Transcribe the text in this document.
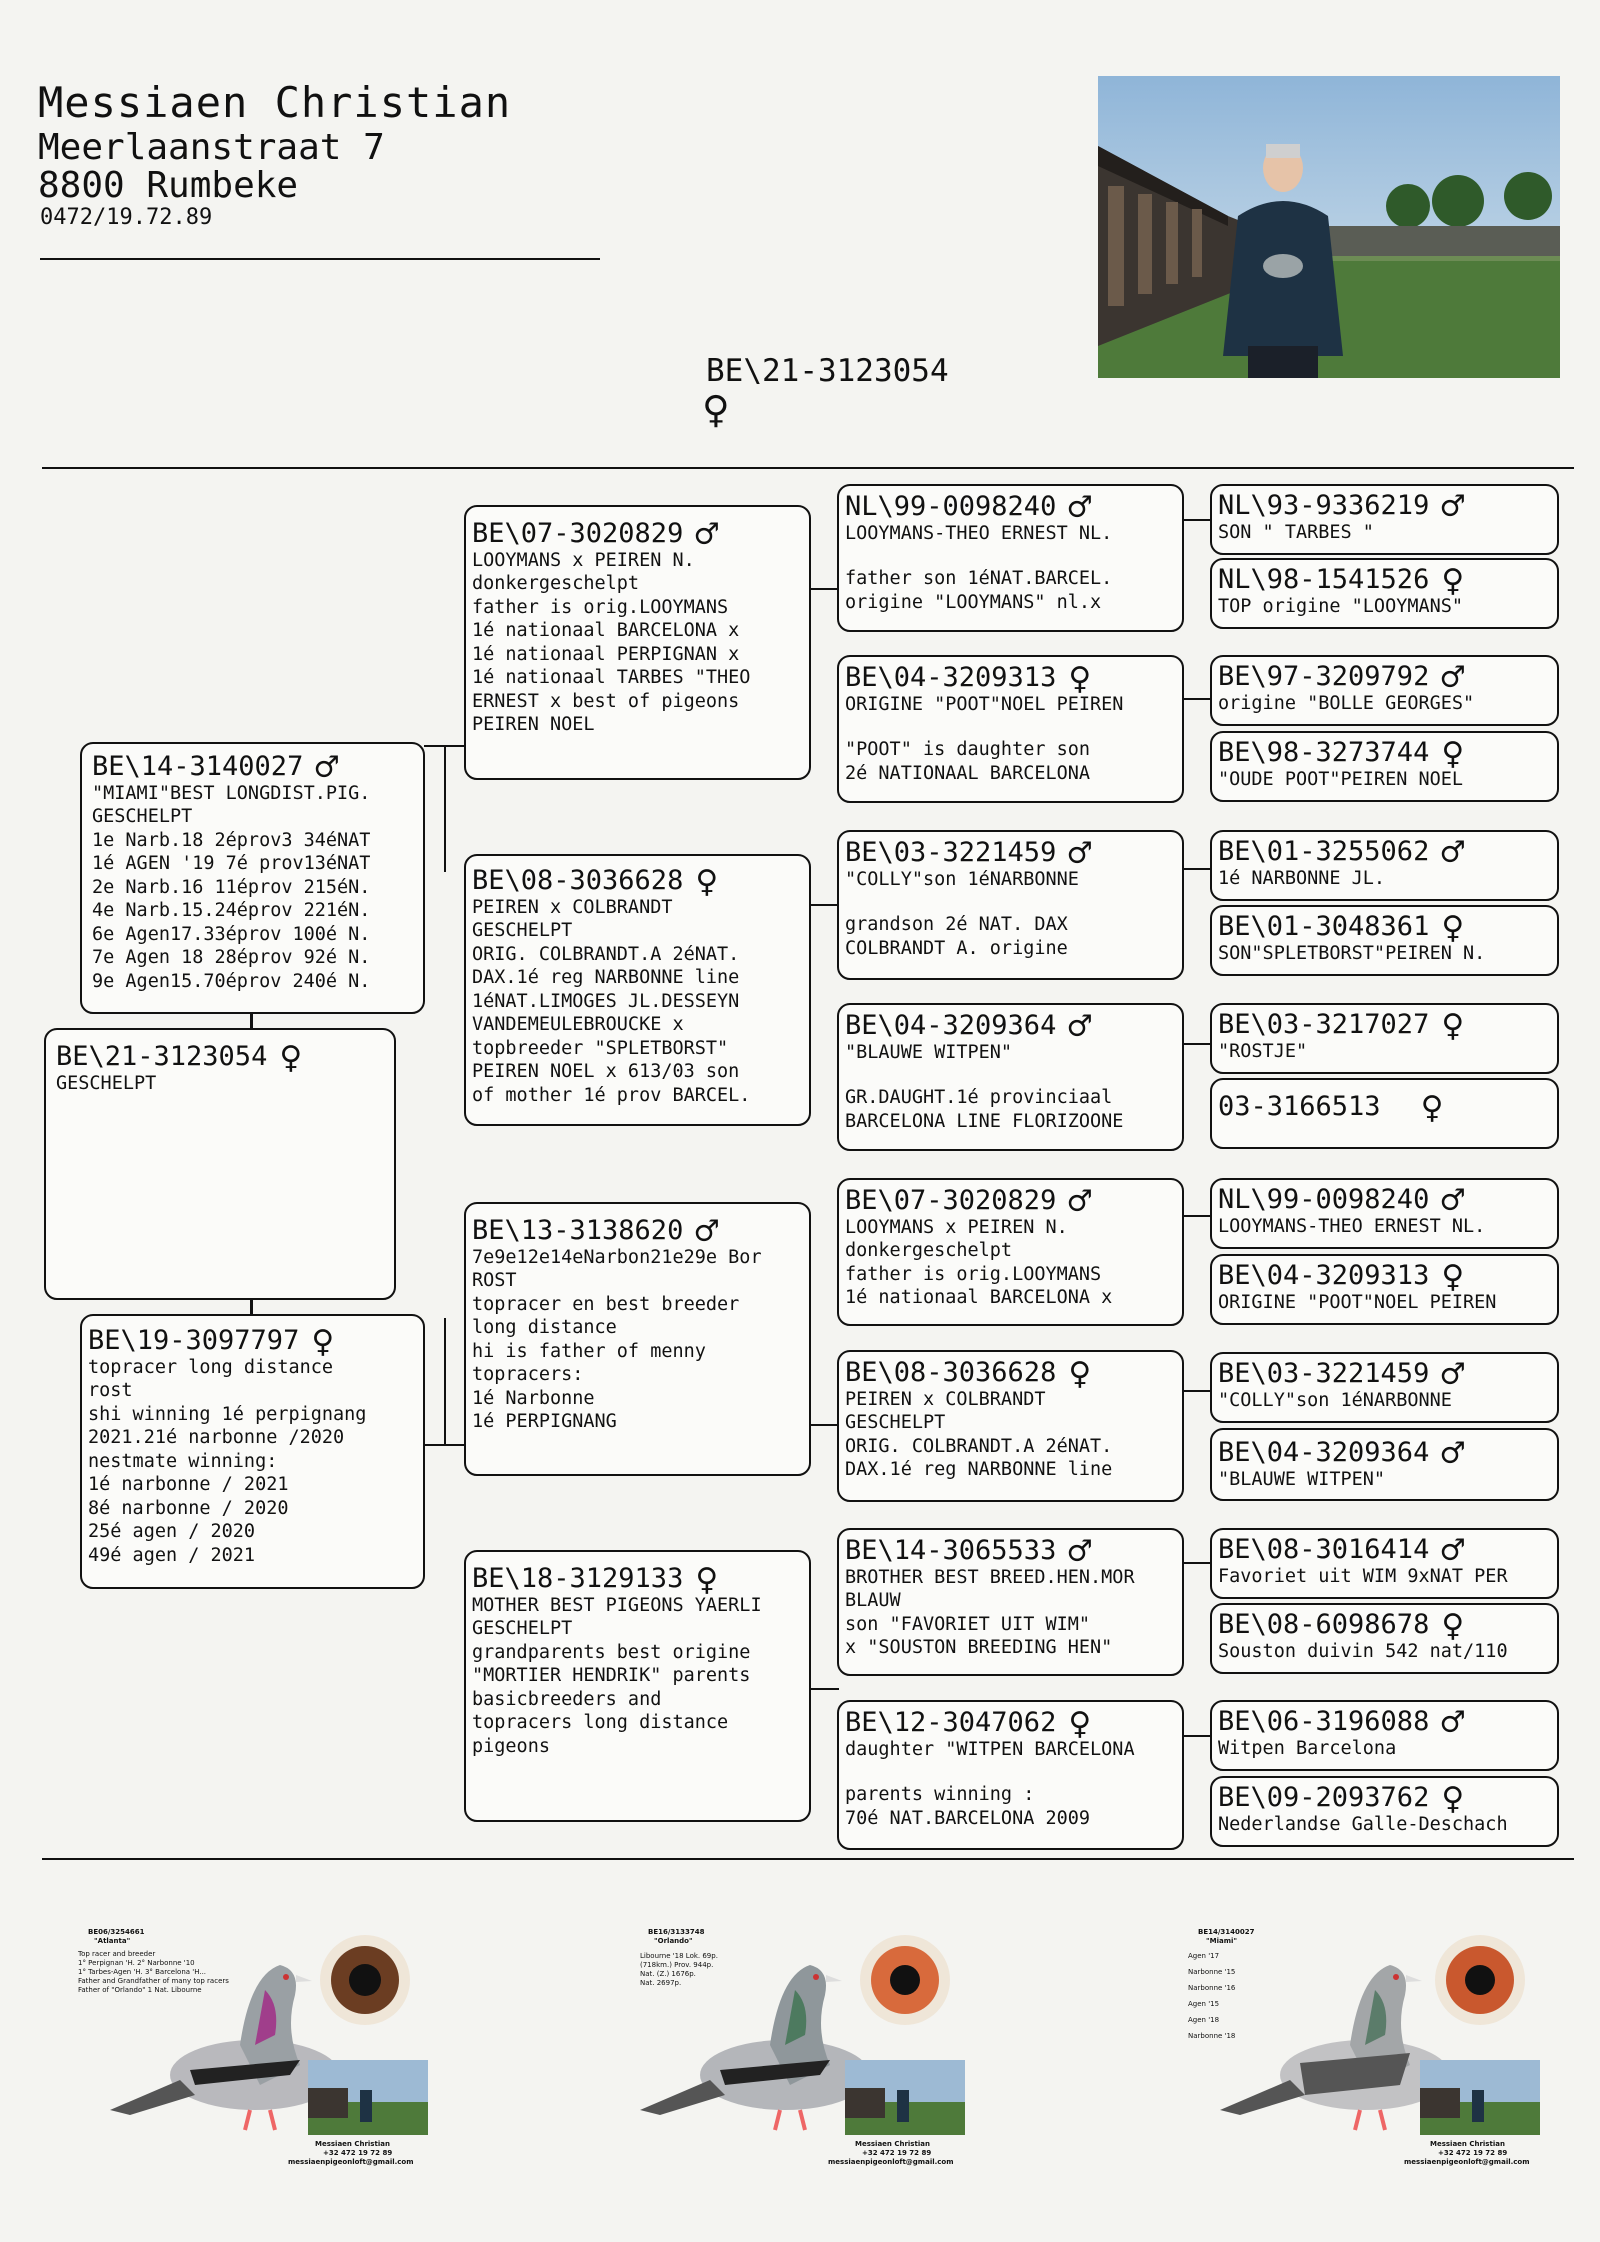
Messiaen Christian
Meerlaanstraat 7
8800 Rumbeke
0472/19.72.89
BE\21-3123054
♀
BE\14-3140027 ♂
"MIAMI"BEST LONGDIST.PIG.
GESCHELPT
1e Narb.18 2éprov3 34éNAT
1é AGEN '19 7é prov13éNAT
2e Narb.16 11éprov 215éN.
4e Narb.15.24éprov 221éN.
6e Agen17.33éprov 100é N.
7e Agen 18 28éprov 92é N.
9e Agen15.70éprov 240é N.
BE\21-3123054 ♀
GESCHELPT
BE\19-3097797 ♀
topracer long distance
rost
shi winning 1é perpignang
2021.21é narbonne /2020
nestmate winning:
1é narbonne / 2021
8é narbonne / 2020
25é agen / 2020
49é agen / 2021
BE\07-3020829 ♂
LOOYMANS x PEIREN N.
donkergeschelpt
father is orig.LOOYMANS
1é nationaal BARCELONA x
1é nationaal PERPIGNAN x
1é nationaal TARBES "THEO
ERNEST x best of pigeons
PEIREN NOEL
BE\08-3036628 ♀
PEIREN x COLBRANDT
GESCHELPT
ORIG. COLBRANDT.A 2éNAT.
DAX.1é reg NARBONNE line
1éNAT.LIMOGES JL.DESSEYN
VANDEMEULEBROUCKE x
topbreeder "SPLETBORST"
PEIREN NOEL x 613/03 son
of mother 1é prov BARCEL.
BE\13-3138620 ♂
7e9e12e14eNarbon21e29e Bor
ROST
topracer en best breeder
long distance
hi is father of menny
topracers:
1é Narbonne
1é PERPIGNANG
BE\18-3129133 ♀
MOTHER BEST PIGEONS YAERLI
GESCHELPT
grandparents best origine
"MORTIER HENDRIK" parents
basicbreeders and
topracers long distance
pigeons
NL\99-0098240 ♂
LOOYMANS-THEO ERNEST NL.
father son 1éNAT.BARCEL.
origine "LOOYMANS" nl.x
BE\04-3209313 ♀
ORIGINE "POOT"NOEL PEIREN
"POOT" is daughter son
2é NATIONAAL BARCELONA
BE\03-3221459 ♂
"COLLY"son 1éNARBONNE
grandson 2é NAT. DAX
COLBRANDT A. origine
BE\04-3209364 ♂
"BLAUWE WITPEN"
GR.DAUGHT.1é provinciaal
BARCELONA LINE FLORIZOONE
BE\07-3020829 ♂
LOOYMANS x PEIREN N.
donkergeschelpt
father is orig.LOOYMANS
1é nationaal BARCELONA x
BE\08-3036628 ♀
PEIREN x COLBRANDT
GESCHELPT
ORIG. COLBRANDT.A 2éNAT.
DAX.1é reg NARBONNE line
BE\14-3065533 ♂
BROTHER BEST BREED.HEN.MOR
BLAUW
son "FAVORIET UIT WIM"
x "SOUSTON BREEDING HEN"
BE\12-3047062 ♀
daughter "WITPEN BARCELONA
parents winning :
70é NAT.BARCELONA 2009
NL\93-9336219 ♂
SON " TARBES "
NL\98-1541526 ♀
TOP origine "LOOYMANS"
BE\97-3209792 ♂
origine "BOLLE GEORGES"
BE\98-3273744 ♀
"OUDE POOT"PEIREN NOEL
BE\01-3255062 ♂
1é NARBONNE JL.
BE\01-3048361 ♀
SON"SPLETBORST"PEIREN N.
BE\03-3217027 ♀
"ROSTJE"
03-3166513 ♀
NL\99-0098240 ♂
LOOYMANS-THEO ERNEST NL.
BE\04-3209313 ♀
ORIGINE "POOT"NOEL PEIREN
BE\03-3221459 ♂
"COLLY"son 1éNARBONNE
BE\04-3209364 ♂
"BLAUWE WITPEN"
BE\08-3016414 ♂
Favoriet uit WIM 9xNAT PER
BE\08-6098678 ♀
Souston duivin 542 nat/110
BE\06-3196088 ♂
Witpen Barcelona
BE\09-2093762 ♀
Nederlandse Galle-Deschach
BE06/3254661
"Atlanta"
Top racer and breeder
1° Perpignan 'H. 2° Narbonne '10
1° Tarbes-Agen 'H. 3° Barcelona 'H...
Father and Grandfather of many top racers
Father of "Orlando" 1 Nat. Libourne
Messiaen Christian
+32 472 19 72 89
messiaenpigeonloft@gmail.com
BE16/3133748
"Orlando"
Libourne '18 Lok. 69p.
(718km.) Prov. 944p.
Nat. (Z.) 1676p.
Nat. 2697p.
Messiaen Christian
+32 472 19 72 89
messiaenpigeonloft@gmail.com
BE14/3140027
"Miami"
Agen '17
Narbonne '15
Narbonne '16
Agen '15
Agen '18
Narbonne '18
Messiaen Christian
+32 472 19 72 89
messiaenpigeonloft@gmail.com
